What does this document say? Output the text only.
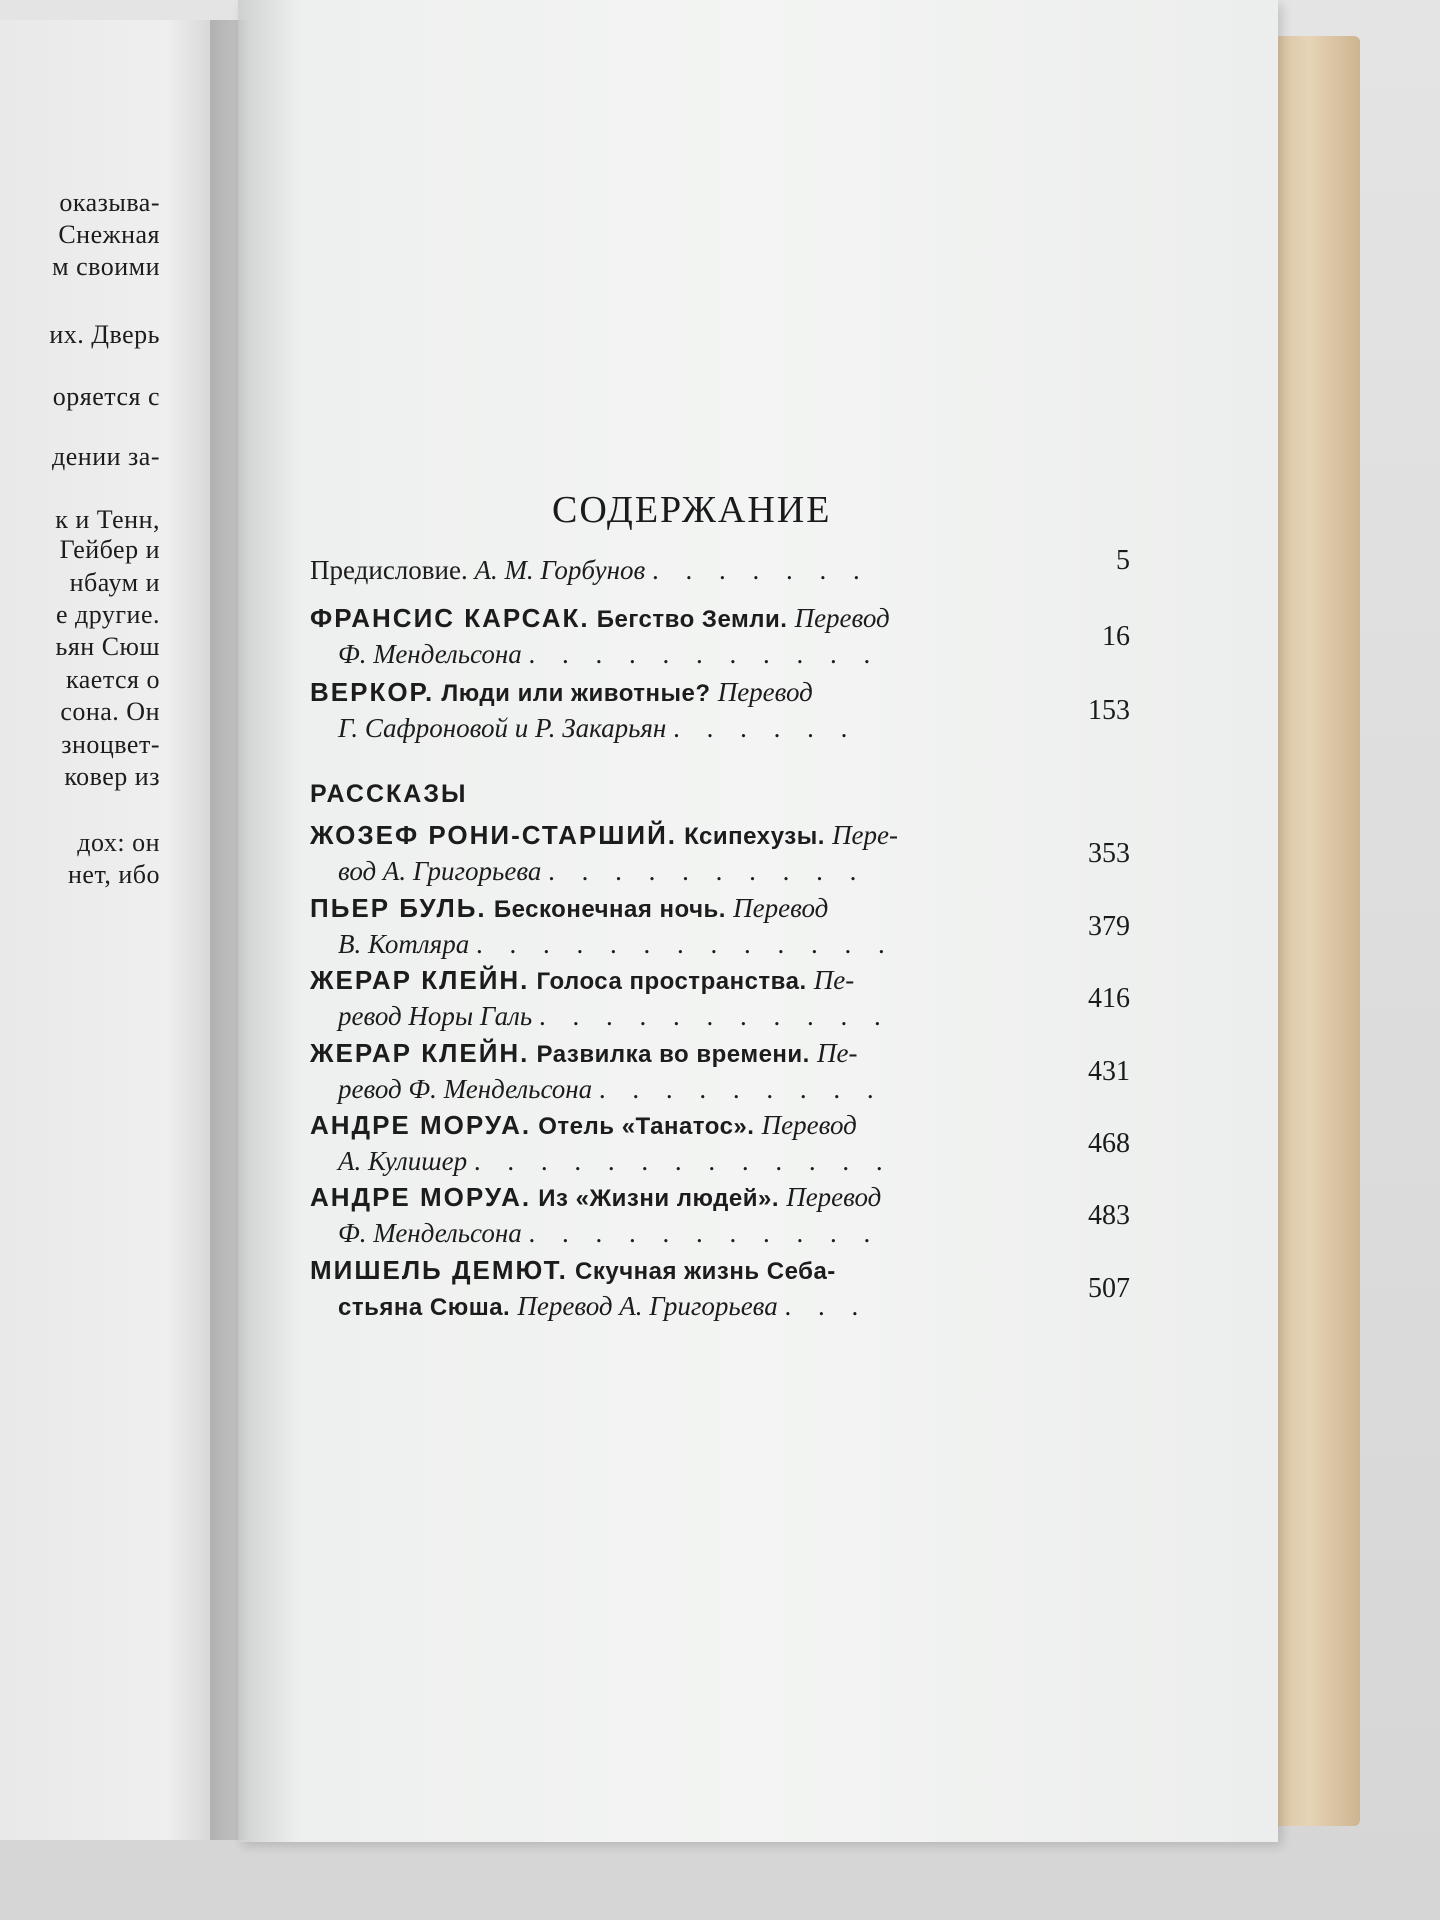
оказыва-
Снежная
м своими
их. Дверь
оряется с
дении за-
к и Тенн,
Гейбер и
нбаум и
е другие.
ьян Сюш
кается о
сона. Он
зноцвет-
ковер из
дох: он
нет, ибо
СОДЕРЖАНИЕ
Предисловие. А. М. Горбунов . . . . . . .	5
ФРАНСИС КАРСАК. Бегство Земли. Перевод
Ф. Мендельсона . . . . . . . . . . .
16
ВЕРКОР. Люди или животные? Перевод
Г. Сафроновой и Р. Закарьян . . . . . .
153
ЖОЗЕФ РОНИ-СТАРШИЙ. Ксипехузы. Пере-
вод А. Григорьева . . . . . . . . . .
353
ПЬЕР БУЛЬ. Бесконечная ночь. Перевод
В. Котляра . . . . . . . . . . . . .
379
ЖЕРАР КЛЕЙН. Голоса пространства. Пе-
ревод Норы Галь . . . . . . . . . . .
416
ЖЕРАР КЛЕЙН. Развилка во времени. Пе-
ревод Ф. Мендельсона . . . . . . . . .
431
АНДРЕ МОРУА. Отель «Танатос». Перевод
А. Кулишер . . . . . . . . . . . . .
468
АНДРЕ МОРУА. Из «Жизни людей». Перевод
Ф. Мендельсона . . . . . . . . . . .
483
МИШЕЛЬ ДЕМЮТ. Скучная жизнь Себа-
стьяна Сюша. Перевод А. Григорьева . . .
507
РАССКАЗЫ
